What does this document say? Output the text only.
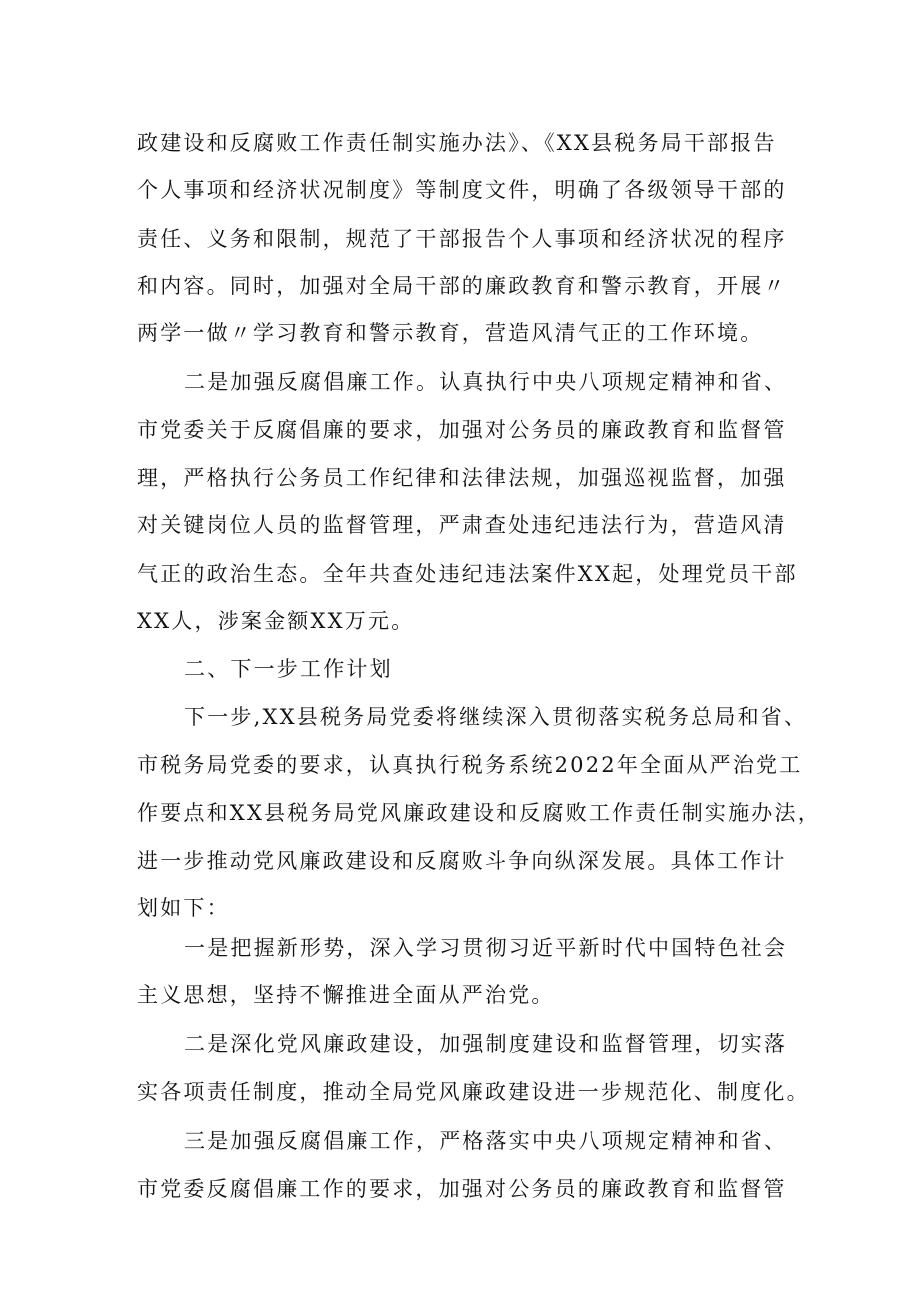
政建设和反腐败工作责任制实施办法》、《XX县税务局干部报告
个人事项和经济状况制度》等制度文件，明确了各级领导干部的
责任、义务和限制，规范了干部报告个人事项和经济状况的程序
和内容。同时，加强对全局干部的廉政教育和警示教育，开展〃
两学一做〃学习教育和警示教育，营造风清气正的工作环境。
二是加强反腐倡廉工作。认真执行中央八项规定精神和省、
市党委关于反腐倡廉的要求，加强对公务员的廉政教育和监督管
理，严格执行公务员工作纪律和法律法规，加强巡视监督，加强
对关键岗位人员的监督管理，严肃查处违纪违法行为，营造风清
气正的政治生态。全年共查处违纪违法案件XX起，处理党员干部
XX人，涉案金额XX万元。
二、下一步工作计划
下一步,XX县税务局党委将继续深入贯彻落实税务总局和省、
市税务局党委的要求，认真执行税务系统2022年全面从严治党工
作要点和XX县税务局党风廉政建设和反腐败工作责任制实施办法，
进一步推动党风廉政建设和反腐败斗争向纵深发展。具体工作计
划如下：
一是把握新形势，深入学习贯彻习近平新时代中国特色社会
主义思想，坚持不懈推进全面从严治党。
二是深化党风廉政建设，加强制度建设和监督管理，切实落
实各项责任制度，推动全局党风廉政建设进一步规范化、制度化。
三是加强反腐倡廉工作，严格落实中央八项规定精神和省、
市党委反腐倡廉工作的要求，加强对公务员的廉政教育和监督管
